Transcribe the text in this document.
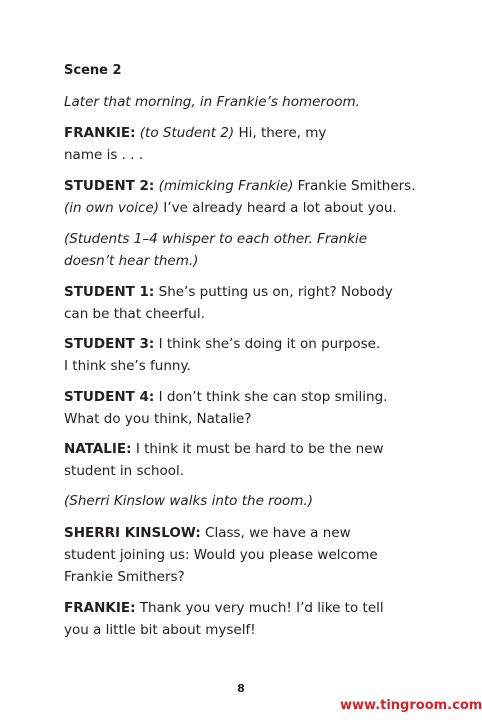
Scene 2

Later that morning, in Frankie’s homeroom.

FRANKIE: (to Student 2) Hi, there, my
name is . . .

STUDENT 2: (mimicking Frankie) Frankie Smithers.
(in own voice) I’ve already heard a lot about you.

(Students 1–4 whisper to each other. Frankie
doesn’t hear them.)

STUDENT 1: She’s putting us on, right? Nobody
can be that cheerful.

STUDENT 3: I think she’s doing it on purpose.
I think she’s funny.

STUDENT 4: I don’t think she can stop smiling.
What do you think, Natalie?

NATALIE: I think it must be hard to be the new
student in school.

(Sherri Kinslow walks into the room.)

SHERRI KINSLOW: Class, we have a new
student joining us: Would you please welcome
Frankie Smithers?

FRANKIE: Thank you very much! I’d like to tell
you a little bit about myself!

8
www.tingroom.com
